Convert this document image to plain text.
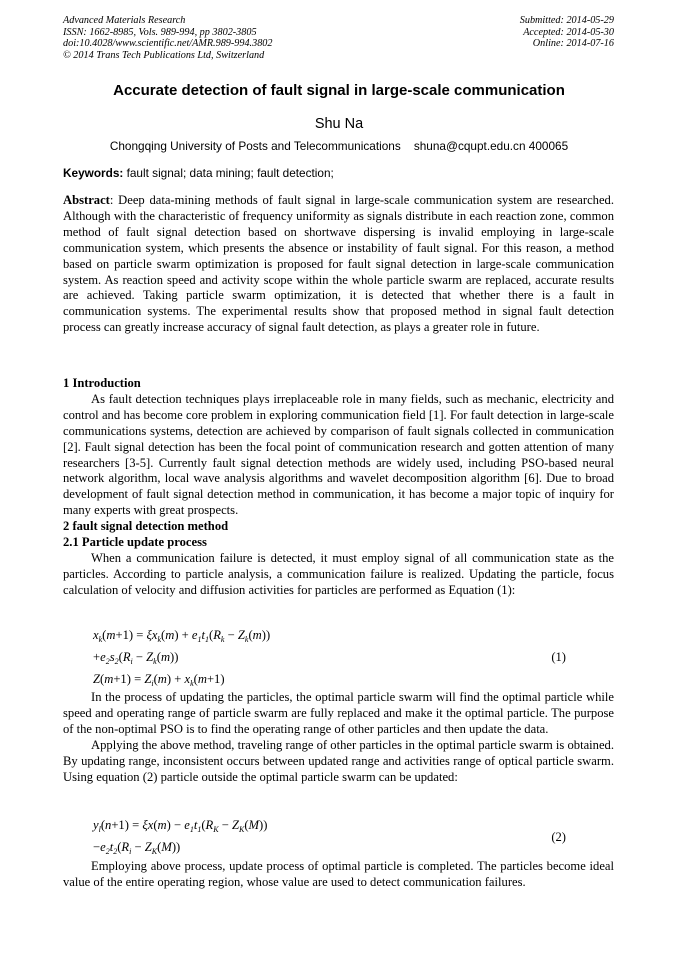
Advanced Materials Research
ISSN: 1662-8985, Vols. 989-994, pp 3802-3805
doi:10.4028/www.scientific.net/AMR.989-994.3802
© 2014 Trans Tech Publications Ltd, Switzerland
Submitted: 2014-05-29
Accepted: 2014-05-30
Online: 2014-07-16
Accurate detection of fault signal in large-scale communication
Shu Na
Chongqing University of Posts and Telecommunications    shuna@cqupt.edu.cn 400065
Keywords: fault signal; data mining; fault detection;

Abstract: Deep data-mining methods of fault signal in large-scale communication system are researched. Although with the characteristic of frequency uniformity as signals distribute in each reaction zone, common method of fault signal detection based on shortwave dispersing is invalid employing in large-scale communication system, which presents the absence or instability of fault signal. For this reason, a method based on particle swarm optimization is proposed for fault signal detection in large-scale communication system. As reaction speed and activity scope within the whole particle swarm are replaced, accurate results are achieved. Taking particle swarm optimization, it is detected that whether there is a fault in communication systems. The experimental results show that proposed method in signal fault detection process can greatly increase accuracy of signal fault detection, as plays a greater role in future.

1 Introduction

As fault detection techniques plays irreplaceable role in many fields, such as mechanic, electricity and control and has become core problem in exploring communication field [1]. For fault detection in large-scale communications systems, detection are achieved by comparison of fault signals collected in communication [2]. Fault signal detection has been the focal point of communication research and gotten attention of many researchers [3-5]. Currently fault signal detection methods are widely used, including PSO-based neural network algorithm, local wave analysis algorithms and wavelet decomposition algorithm [6]. Due to broad development of fault signal detection method in communication, it has become a major topic of inquiry for many experts with great prospects.

2 fault signal detection method

2.1 Particle update process

When a communication failure is detected, it must employ signal of all communication state as the particles. According to particle analysis, a communication failure is realized. Updating the particle, focus calculation of velocity and diffusion activities for particles are performed as Equation (1):

$x_k(m+1) = \xi x_k(m) + e_1t_1(R_k - Z_k(m))$
$+e_2s_2(R_i - Z_k(m))$
$Z(m+1) = Z_i(m) + x_k(m+1)$
(1)

In the process of updating the particles, the optimal particle swarm will find the optimal particle while speed and operating range of particle swarm are fully replaced and make it the optimal particle. The purpose of the non-optimal PSO is to find the operating range of other particles and then update the data.

Applying the above method, traveling range of other particles in the optimal particle swarm is obtained. By updating range, inconsistent occurs between updated range and activities range of optical particle swarm. Using equation (2) particle outside the optimal particle swarm can be updated:

$y_l(n+1) = \xi x(m) - e_1t_1(R_K - Z_K(M))$
$-e_2t_2(R_i - Z_K(M))$
(2)

Employing above process, update process of optimal particle is completed. The particles become ideal value of the entire operating region, whose value are used to detect communication failures.
